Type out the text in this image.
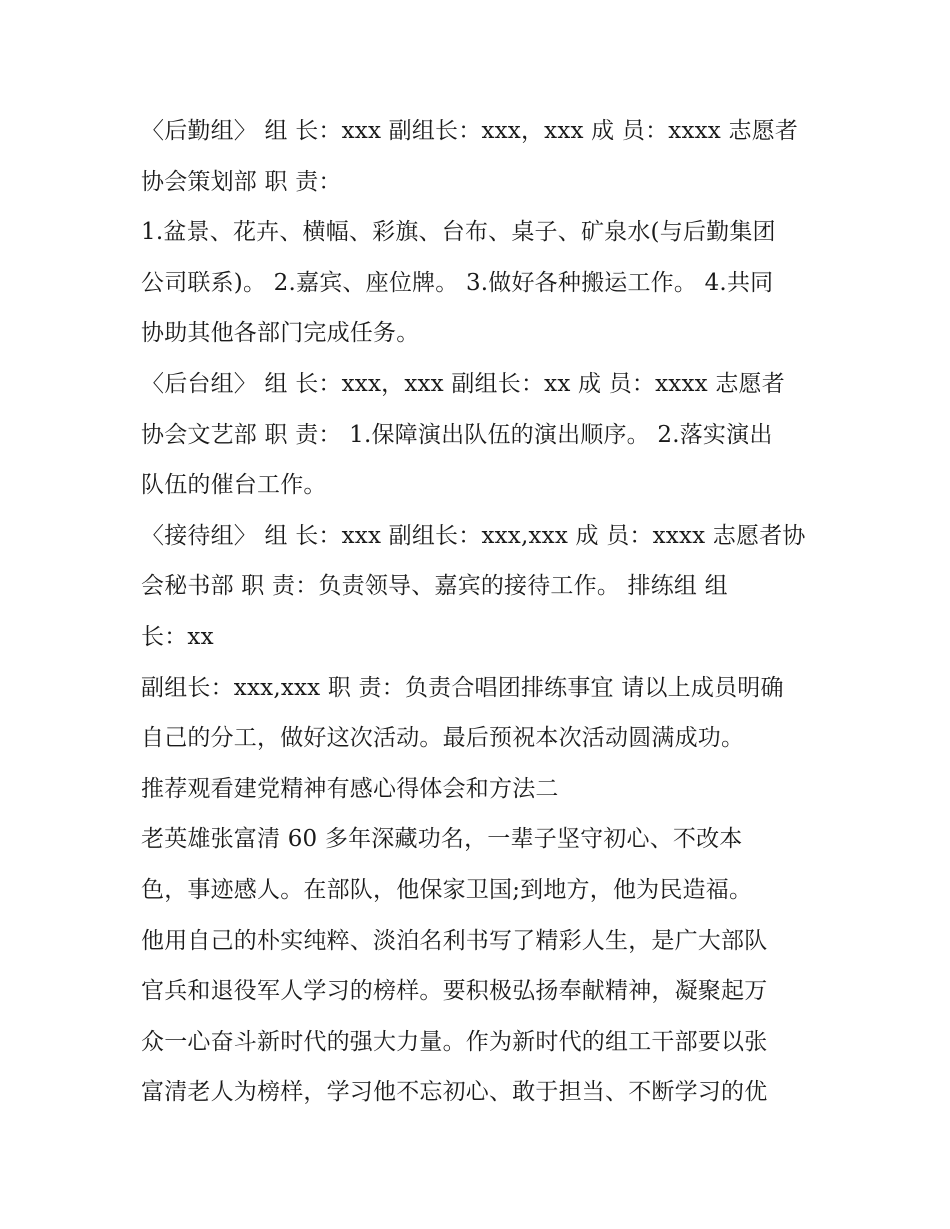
〈后勤组〉 组 长：xxx 副组长：xxx，xxx 成 员：xxxx 志愿者
协会策划部 职 责：
1.盆景、花卉、横幅、彩旗、台布、桌子、矿泉水(与后勤集团
公司联系)。 2.嘉宾、座位牌。 3.做好各种搬运工作。 4.共同
协助其他各部门完成任务。
〈后台组〉 组 长：xxx，xxx 副组长：xx 成 员：xxxx 志愿者
协会文艺部 职 责： 1.保障演出队伍的演出顺序。 2.落实演出
队伍的催台工作。
〈接待组〉 组 长：xxx 副组长：xxx,xxx 成 员：xxxx 志愿者协
会秘书部 职 责：负责领导、嘉宾的接待工作。 排练组 组
长：xx
副组长：xxx,xxx 职 责：负责合唱团排练事宜 请以上成员明确
自己的分工，做好这次活动。最后预祝本次活动圆满成功。
推荐观看建党精神有感心得体会和方法二
老英雄张富清 60 多年深藏功名，一辈子坚守初心、不改本
色，事迹感人。在部队，他保家卫国;到地方，他为民造福。
他用自己的朴实纯粹、淡泊名利书写了精彩人生，是广大部队
官兵和退役军人学习的榜样。要积极弘扬奉献精神，凝聚起万
众一心奋斗新时代的强大力量。作为新时代的组工干部要以张
富清老人为榜样，学习他不忘初心、敢于担当、不断学习的优
